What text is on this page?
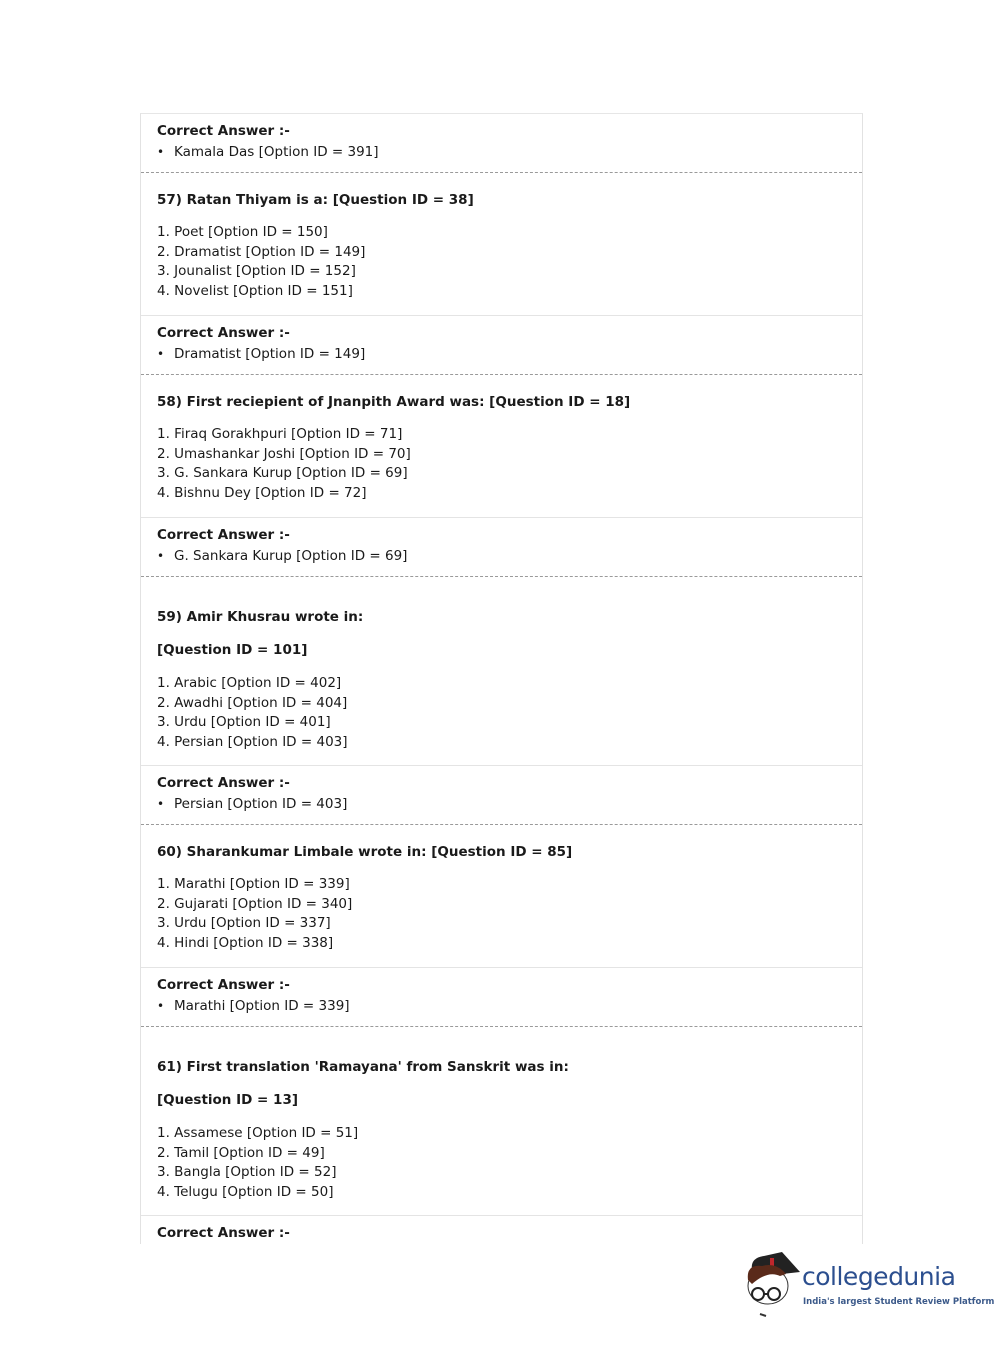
Correct Answer :-
• Kamala Das [Option ID = 391]
57) Ratan Thiyam is a: [Question ID = 38]
1. Poet [Option ID = 150]
2. Dramatist [Option ID = 149]
3. Jounalist [Option ID = 152]
4. Novelist [Option ID = 151]
Correct Answer :-
• Dramatist [Option ID = 149]
58) First reciepient of Jnanpith Award was: [Question ID = 18]
1. Firaq Gorakhpuri [Option ID = 71]
2. Umashankar Joshi [Option ID = 70]
3. G. Sankara Kurup [Option ID = 69]
4. Bishnu Dey [Option ID = 72]
Correct Answer :-
• G. Sankara Kurup [Option ID = 69]
59) Amir Khusrau wrote in:
[Question ID = 101]
1. Arabic [Option ID = 402]
2. Awadhi [Option ID = 404]
3. Urdu [Option ID = 401]
4. Persian [Option ID = 403]
Correct Answer :-
• Persian [Option ID = 403]
60) Sharankumar Limbale wrote in: [Question ID = 85]
1. Marathi [Option ID = 339]
2. Gujarati [Option ID = 340]
3. Urdu [Option ID = 337]
4. Hindi [Option ID = 338]
Correct Answer :-
• Marathi [Option ID = 339]
61) First translation 'Ramayana' from Sanskrit was in:
[Question ID = 13]
1. Assamese [Option ID = 51]
2. Tamil [Option ID = 49]
3. Bangla [Option ID = 52]
4. Telugu [Option ID = 50]
Correct Answer :-
collegedunia
India's largest Student Review Platform
